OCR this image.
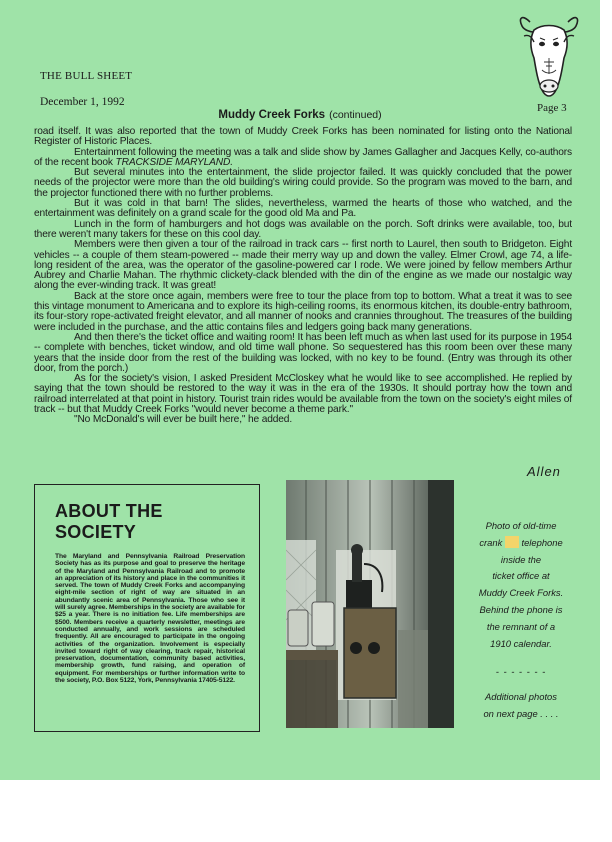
THE BULL SHEET
December 1, 1992	Page 3
Muddy Creek Forks (continued)

road itself. It was also reported that the town of Muddy Creek Forks has been nominated for listing onto the National Register of Historic Places.

Entertainment following the meeting was a talk and slide show by James Gallagher and Jacques Kelly, co-authors of the recent book TRACKSIDE MARYLAND.

But several minutes into the entertainment, the slide projector failed. It was quickly concluded that the power needs of the projector were more than the old building's wiring could provide. So the program was moved to the barn, and the projector functioned there with no further problems.

But it was cold in that barn! The slides, nevertheless, warmed the hearts of those who watched, and the entertainment was definitely on a grand scale for the good old Ma and Pa.

Lunch in the form of hamburgers and hot dogs was available on the porch. Soft drinks were available, too, but there weren't many takers for these on this cool day.

Members were then given a tour of the railroad in track cars -- first north to Laurel, then south to Bridgeton. Eight vehicles -- a couple of them steam-powered -- made their merry way up and down the valley. Elmer Crowl, age 74, a life-long resident of the area, was the operator of the gasoline-powered car I rode. We were joined by fellow members Arthur Aubrey and Charlie Mahan. The rhythmic clickety-clack blended with the din of the engine as we made our nostalgic way along the ever-winding track. It was great!

Back at the store once again, members were free to tour the place from top to bottom. What a treat it was to see this vintage monument to Americana and to explore its high-ceiling rooms, its enormous kitchen, its double-entry bathroom, its four-story rope-activated freight elevator, and all manner of nooks and crannies throughout. The treasures of the building were included in the purchase, and the attic contains files and ledgers going back many generations.

And then there's the ticket office and waiting room! It has been left much as when last used for its purpose in 1954 -- complete with benches, ticket window, and old time wall phone. So sequestered has this room been over these many years that the inside door from the rest of the building was locked, with no key to be found. (Entry was through its other door, from the porch.)

As for the society's vision, I asked President McCloskey what he would like to see accomplished. He replied by saying that the town should be restored to the way it was in the era of the 1930s. It should portray how the town and railroad interrelated at that point in history. Tourist train rides would be available from the town on the society's eight miles of track -- but that Muddy Creek Forks "would never become a theme park."

"No McDonald's will ever be built here," he added.

Allen
ABOUT THE SOCIETY

The Maryland and Pennsylvania Railroad Preservation Society has as its purpose and goal to preserve the heritage of the Maryland and Pennsylvania Railroad and to promote an appreciation of its history and place in the communities it served. The town of Muddy Creek Forks and accompanying eight-mile section of right of way are situated in an abundantly scenic area of Pennsylvania. Those who see it will surely agree. Memberships in the society are available for $25 a year. There is no initiation fee. Life memberships are $500. Members receive a quarterly newsletter, meetings are conducted annually, and work sessions are scheduled frequently. All are encouraged to participate in the ongoing activities of the organization. Involvement is especially invited toward right of way clearing, track repair, historical preservation, documentation, community based activities, membership growth, fund raising, and operation of equipment. For memberships or further information write to the society, P.O. Box 5122, York, Pennsylvania 17405-5122.

Photo of old-time
crank telephone
inside the
ticket office at
Muddy Creek Forks.
Behind the phone is
the remnant of a
1910 calendar.
- - - - - - -
Additional photos
on next page . . . .
